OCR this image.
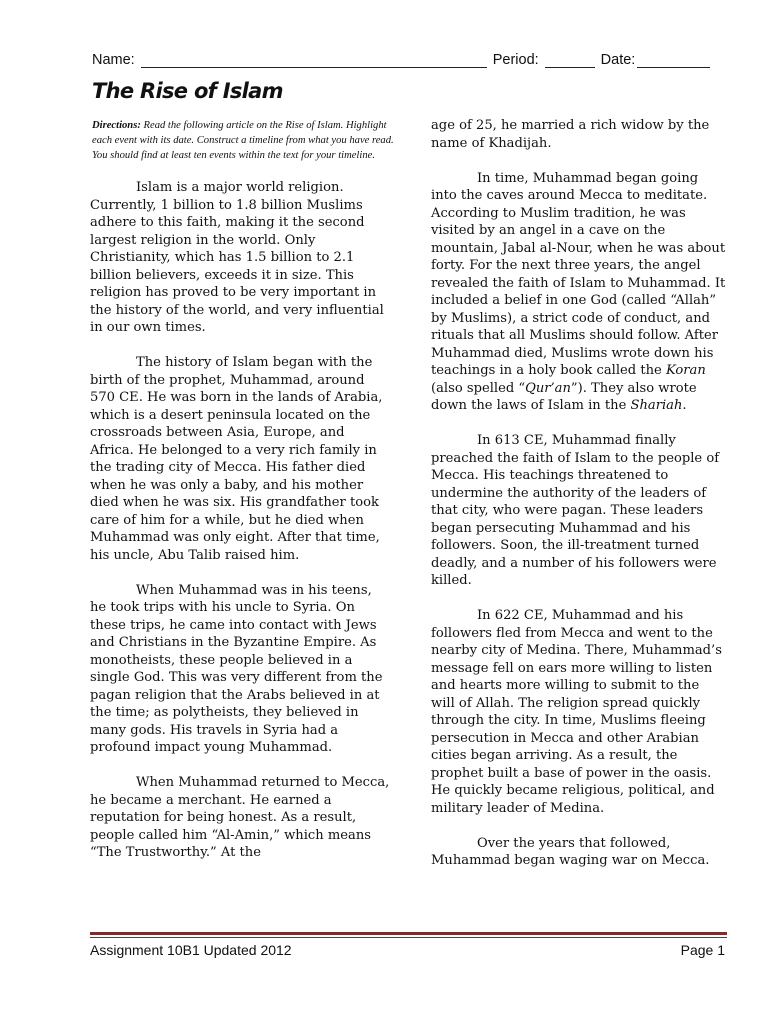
Name:	Period:	Date:
The Rise of Islam
Directions: Read the following article on the Rise of Islam. Highlight each event with its date. Construct a timeline from what you have read. You should find at least ten events within the text for your timeline.

Islam is a major world religion. Currently, 1 billion to 1.8 billion Muslims adhere to this faith, making it the second largest religion in the world. Only Christianity, which has 1.5 billion to 2.1 billion believers, exceeds it in size. This religion has proved to be very important in the history of the world, and very influential in our own times.

The history of Islam began with the birth of the prophet, Muhammad, around 570 CE. He was born in the lands of Arabia, which is a desert peninsula located on the crossroads between Asia, Europe, and Africa. He belonged to a very rich family in the trading city of Mecca. His father died when he was only a baby, and his mother died when he was six. His grandfather took care of him for a while, but he died when Muhammad was only eight. After that time, his uncle, Abu Talib raised him.

When Muhammad was in his teens, he took trips with his uncle to Syria. On these trips, he came into contact with Jews and Christians in the Byzantine Empire. As monotheists, these people believed in a single God. This was very different from the pagan religion that the Arabs believed in at the time; as polytheists, they believed in many gods. His travels in Syria had a profound impact young Muhammad.

When Muhammad returned to Mecca, he became a merchant. He earned a reputation for being honest. As a result, people called him “Al-Amin,” which means “The Trustworthy.” At the

age of 25, he married a rich widow by the name of Khadijah.

In time, Muhammad began going into the caves around Mecca to meditate. According to Muslim tradition, he was visited by an angel in a cave on the mountain, Jabal al-Nour, when he was about forty. For the next three years, the angel revealed the faith of Islam to Muhammad. It included a belief in one God (called “Allah” by Muslims), a strict code of conduct, and rituals that all Muslims should follow. After Muhammad died, Muslims wrote down his teachings in a holy book called the Koran (also spelled “Qur’an”). They also wrote down the laws of Islam in the Shariah.

In 613 CE, Muhammad finally preached the faith of Islam to the people of Mecca. His teachings threatened to undermine the authority of the leaders of that city, who were pagan. These leaders began persecuting Muhammad and his followers. Soon, the ill-treatment turned deadly, and a number of his followers were killed.

In 622 CE, Muhammad and his followers fled from Mecca and went to the nearby city of Medina. There, Muhammad’s message fell on ears more willing to listen and hearts more willing to submit to the will of Allah. The religion spread quickly through the city. In time, Muslims fleeing persecution in Mecca and other Arabian cities began arriving. As a result, the prophet built a base of power in the oasis. He quickly became religious, political, and military leader of Medina.

Over the years that followed, Muhammad began waging war on Mecca.

Assignment 10B1 Updated 2012	Page 1
